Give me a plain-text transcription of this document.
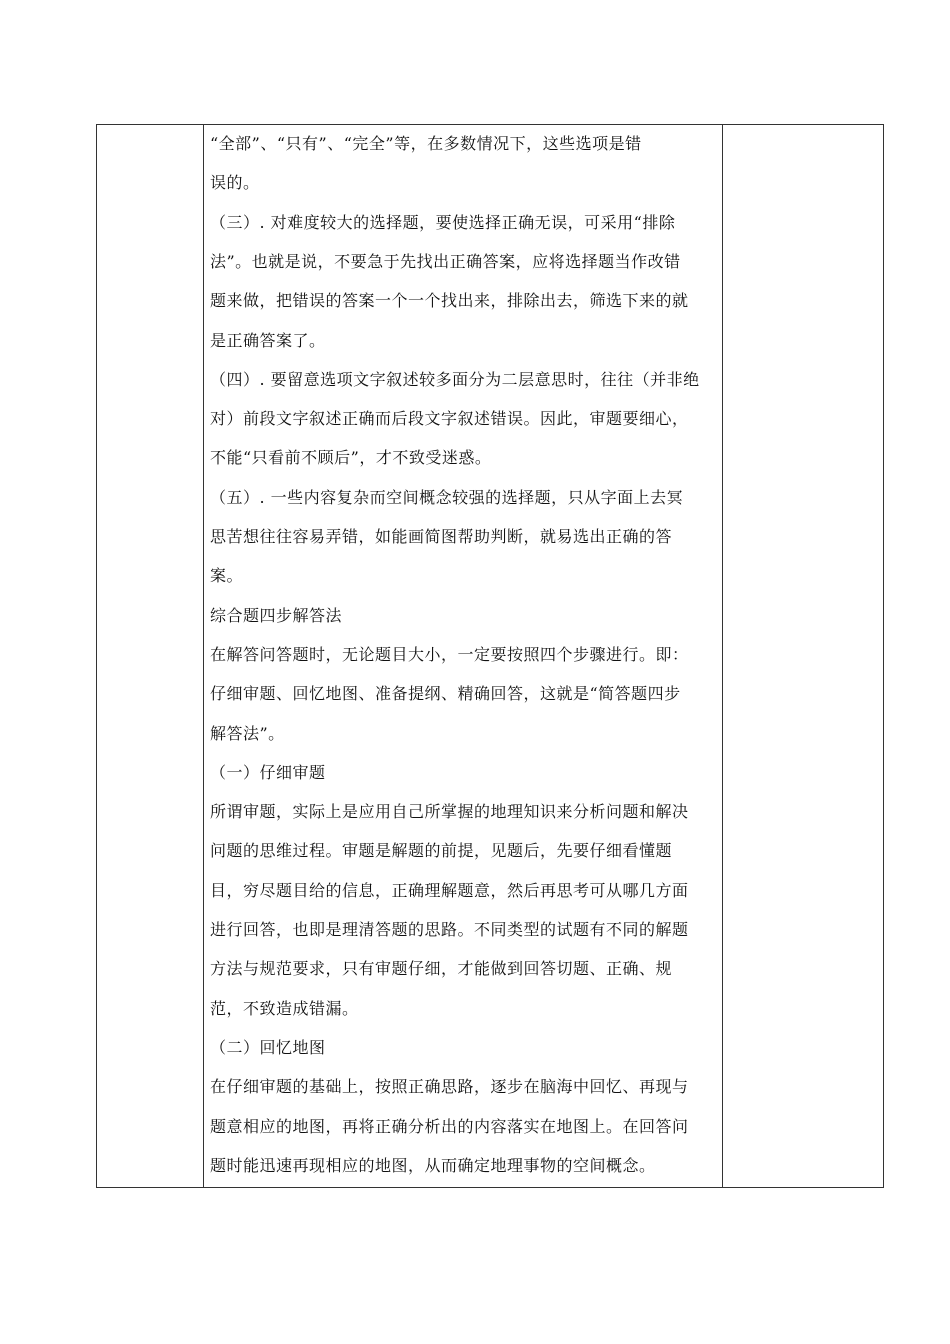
“全部”、“只有”、“完全”等，在多数情况下，这些选项是错
误的。
（三）. 对难度较大的选择题，要使选择正确无误，可采用“排除
法”。也就是说，不要急于先找出正确答案，应将选择题当作改错
题来做，把错误的答案一个一个找出来，排除出去，筛选下来的就
是正确答案了。
（四）. 要留意选项文字叙述较多面分为二层意思时，往往（并非绝
对）前段文字叙述正确而后段文字叙述错误。因此，审题要细心，
不能“只看前不顾后”，才不致受迷惑。
（五）. 一些内容复杂而空间概念较强的选择题，只从字面上去冥
思苦想往往容易弄错，如能画简图帮助判断，就易选出正确的答
案。
综合题四步解答法
在解答问答题时，无论题目大小，一定要按照四个步骤进行。即：
仔细审题、回忆地图、准备提纲、精确回答，这就是“简答题四步
解答法”。
（一）仔细审题
所谓审题，实际上是应用自己所掌握的地理知识来分析问题和解决
问题的思维过程。审题是解题的前提，见题后，先要仔细看懂题
目，穷尽题目给的信息，正确理解题意，然后再思考可从哪几方面
进行回答，也即是理清答题的思路。不同类型的试题有不同的解题
方法与规范要求，只有审题仔细，才能做到回答切题、正确、规
范，不致造成错漏。
（二）回忆地图
在仔细审题的基础上，按照正确思路，逐步在脑海中回忆、再现与
题意相应的地图，再将正确分析出的内容落实在地图上。在回答问
题时能迅速再现相应的地图，从而确定地理事物的空间概念。
